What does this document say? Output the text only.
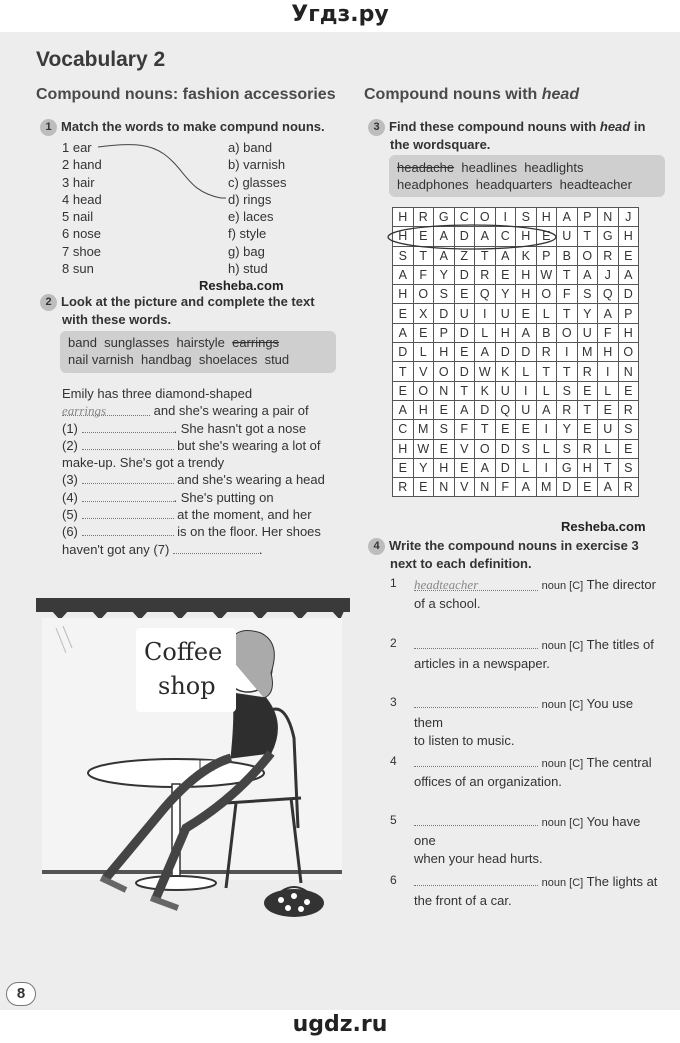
Угдз.ру
Vocabulary 2
Compound nouns: fashion accessories Compound nouns with head
1 Match the words to make compund nouns.
1 ear
2 hand
3 hair
4 head
5 nail
6 nose
7 shoe
8 sun
a) band
b) varnish
c) glasses
d) rings
e) laces
f) style
g) bag
h) stud
Resheba.com
2 Look at the picture and complete the text
with these words.
band sunglasses hairstyle earrings
nail varnish  handbag  shoelaces  stud
Emily has three diamond-shaped
earrings	and she's wearing a pair of
(1)	. She hasn't got a nose
(2)	but she's wearing a lot of
make-up. She's got a trendy
(3)	and she's wearing a head
(4)	. She's putting on
(5)	at the moment, and her
(6)	is on the floor. Her shoes
haven't got any (7)	.
Coffee
shop
3 Find these compound nouns with head in
the wordsquare.
headache headlines  headlights
headphones  headquarters  headteacher
H	R	G	C	O	I	S	H	A	P	N	J
H	E	A	D	A	C	H	E	U	T	G	H
S	T	A	Z	T	A	K	P	B	O	R	E
A	F	Y	D	R	E	H	W	T	A	J	A
H	O	S	E	Q	Y	H	O	F	S	Q	D
E	X	D	U	I	U	E	L	T	Y	A	P
A	E	P	D	L	H	A	B	O	U	F	H
D	L	H	E	A	D	D	R	I	M	H	O
T	V	O	D	W	K	L	T	T	R	I	N
E	O	N	T	K	U	I	L	S	E	L	E
A	H	E	A	D	Q	U	A	R	T	E	R
C	M	S	F	T	E	E	I	Y	E	U	S
H	W	E	V	O	D	S	L	S	R	L	E
E	Y	H	E	A	D	L	I	G	H	T	S
R	E	N	V	N	F	A	M	D	E	A	R
Resheba.com
4 Write the compound nouns in exercise 3
next to each definition.
1 headteacher	noun [C] The director
of a school.
2	noun [C] The titles of
articles in a newspaper.
3	noun [C] You use them
to listen to music.
4	noun [C] The central
offices of an organization.
5	noun [C] You have one
when your head hurts.
6	noun [C] The lights at
the front of a car.
8
ugdz.ru
